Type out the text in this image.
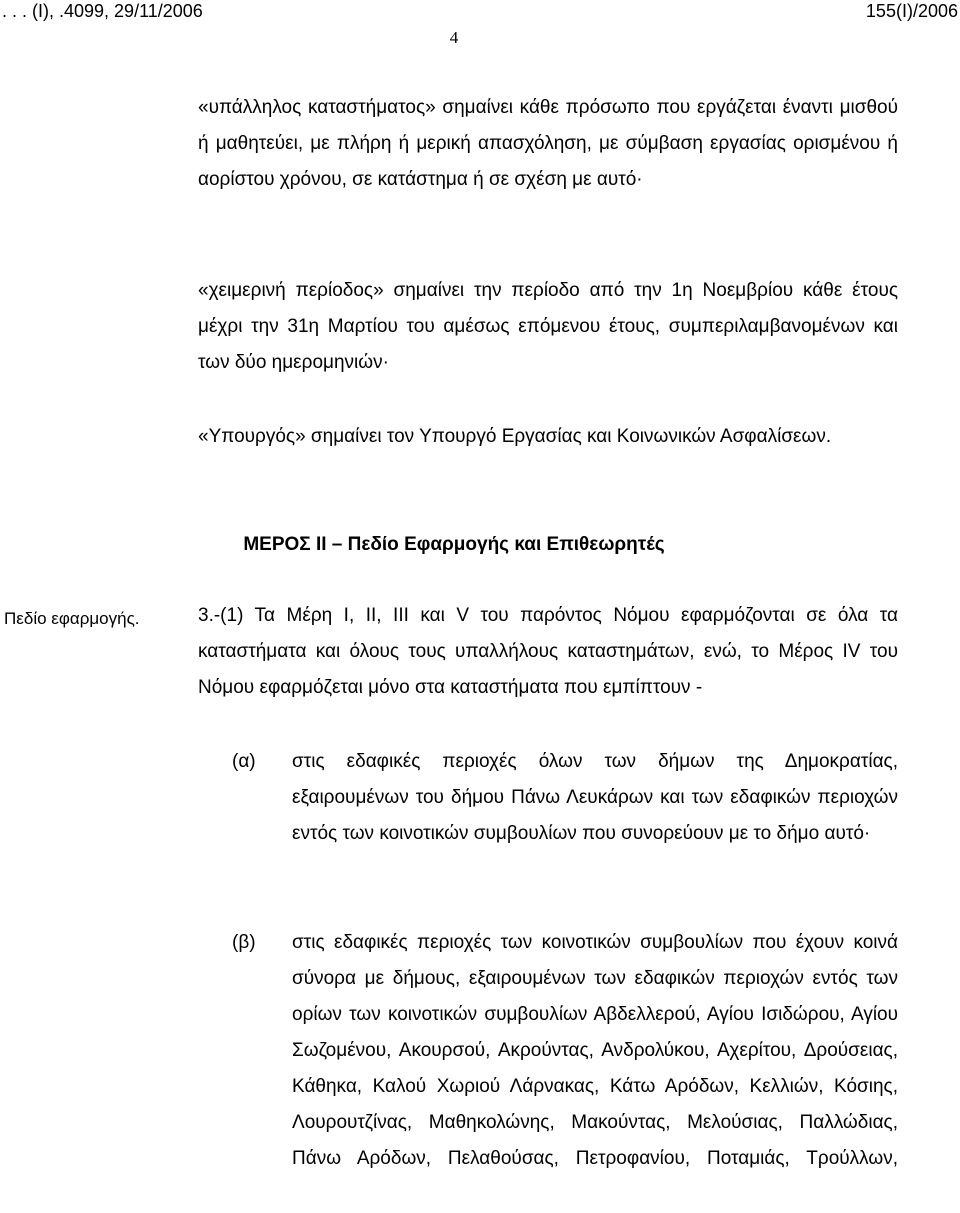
. . . (Ι), .4099, 29/11/2006	155(Ι)/2006
4
«υπάλληλος καταστήματος» σημαίνει κάθε πρόσωπο που εργάζεται έναντι μισθού ή μαθητεύει, με πλήρη ή μερική απασχόληση, με σύμβαση εργασίας ορισμένου ή αορίστου χρόνου, σε κατάστημα ή σε σχέση με αυτό·
«χειμερινή περίοδος» σημαίνει την περίοδο από την 1η Νοεμβρίου κάθε έτους μέχρι την 31η Μαρτίου του αμέσως επόμενου έτους, συμπεριλαμβανομένων και των δύο ημερομηνιών·
«Υπουργός» σημαίνει τον Υπουργό Εργασίας και Κοινωνικών Ασφαλίσεων.
ΜΕΡΟΣ ΙΙ – Πεδίο Εφαρμογής και Επιθεωρητές
Πεδίο εφαρμογής.	3.-(1) Τα Μέρη Ι, ΙΙ, ΙΙΙ και V του παρόντος Νόμου εφαρμόζονται σε όλα τα καταστήματα και όλους τους υπαλλήλους καταστημάτων, ενώ, το Μέρος IV του Νόμου εφαρμόζεται μόνο στα καταστήματα που εμπίπτουν -
(α) στις εδαφικές περιοχές όλων των δήμων της Δημοκρατίας, εξαιρουμένων του δήμου Πάνω Λευκάρων και των εδαφικών περιοχών εντός των κοινοτικών συμβουλίων που συνορεύουν με το δήμο αυτό·
(β) στις εδαφικές περιοχές των κοινοτικών συμβουλίων που έχουν κοινά σύνορα με δήμους, εξαιρουμένων των εδαφικών περιοχών εντός των ορίων των κοινοτικών συμβουλίων Αβδελλερού, Αγίου Ισιδώρου, Αγίου Σωζομένου, Ακουρσού, Ακρούντας, Ανδρολύκου, Αχερίτου, Δρούσειας, Κάθηκα, Καλού Χωριού Λάρνακας, Κάτω Αρόδων, Κελλιών, Κόσιης, Λουρουτζίνας, Μαθηκολώνης, Μακούντας, Μελούσιας, Παλλώδιας, Πάνω Αρόδων, Πελαθούσας, Πετροφανίου, Ποταμιάς, Τρούλλων,
